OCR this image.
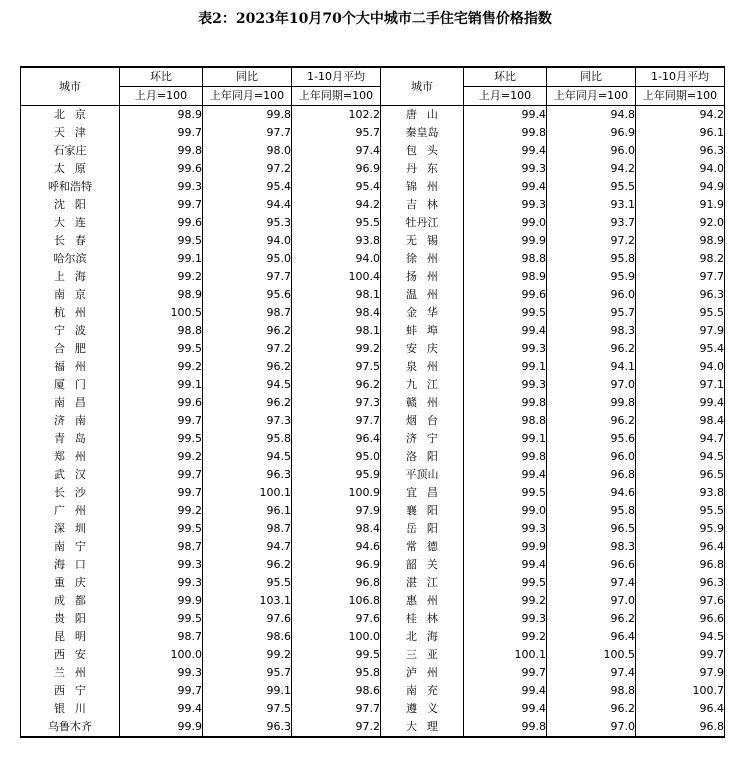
表2：2023年10月70个大中城市二手住宅销售价格指数
城市	环比	同比	1-10月平均	城市	环比	同比	1-10月平均
	上月=100	上年同月=100	上年同期=100		上月=100	上年同月=100	上年同期=100
北京	98.9	99.8	102.2	唐山	99.4	94.8	94.2
天津	99.7	97.7	95.7	秦皇岛	99.8	96.9	96.1
石家庄	99.8	98.0	97.4	包头	99.4	96.0	96.3
太原	99.6	97.2	96.9	丹东	99.3	94.2	94.0
呼和浩特	99.3	95.4	95.4	锦州	99.4	95.5	94.9
沈阳	99.7	94.4	94.2	吉林	99.3	93.1	91.9
大连	99.6	95.3	95.5	牡丹江	99.0	93.7	92.0
长春	99.5	94.0	93.8	无锡	99.9	97.2	98.9
哈尔滨	99.1	95.0	94.0	徐州	98.8	95.8	98.2
上海	99.2	97.7	100.4	扬州	98.9	95.9	97.7
南京	98.9	95.6	98.1	温州	99.6	96.0	96.3
杭州	100.5	98.7	98.4	金华	99.5	95.7	95.5
宁波	98.8	96.2	98.1	蚌埠	99.4	98.3	97.9
合肥	99.5	97.2	99.2	安庆	99.3	96.2	95.4
福州	99.2	96.2	97.5	泉州	99.1	94.1	94.0
厦门	99.1	94.5	96.2	九江	99.3	97.0	97.1
南昌	99.6	96.2	97.3	赣州	99.8	99.8	99.4
济南	99.7	97.3	97.7	烟台	98.8	96.2	98.4
青岛	99.5	95.8	96.4	济宁	99.1	95.6	94.7
郑州	99.2	94.5	95.0	洛阳	99.8	96.0	94.5
武汉	99.7	96.3	95.9	平顶山	99.4	96.8	96.5
长沙	99.7	100.1	100.9	宜昌	99.5	94.6	93.8
广州	99.2	96.1	97.9	襄阳	99.0	95.8	95.5
深圳	99.5	98.7	98.4	岳阳	99.3	96.5	95.9
南宁	98.7	94.7	94.6	常德	99.9	98.3	96.4
海口	99.3	96.2	96.9	韶关	99.4	96.6	96.8
重庆	99.3	95.5	96.8	湛江	99.5	97.4	96.3
成都	99.9	103.1	106.8	惠州	99.2	97.0	97.6
贵阳	99.5	97.6	97.6	桂林	99.3	96.2	96.6
昆明	98.7	98.6	100.0	北海	99.2	96.4	94.5
西安	100.0	99.2	99.5	三亚	100.1	100.5	99.7
兰州	99.3	95.7	95.8	泸州	99.7	97.4	97.9
西宁	99.7	99.1	98.6	南充	99.4	98.8	100.7
银川	99.4	97.5	97.7	遵义	99.4	96.2	96.4
乌鲁木齐	99.9	96.3	97.2	大理	99.8	97.0	96.8
